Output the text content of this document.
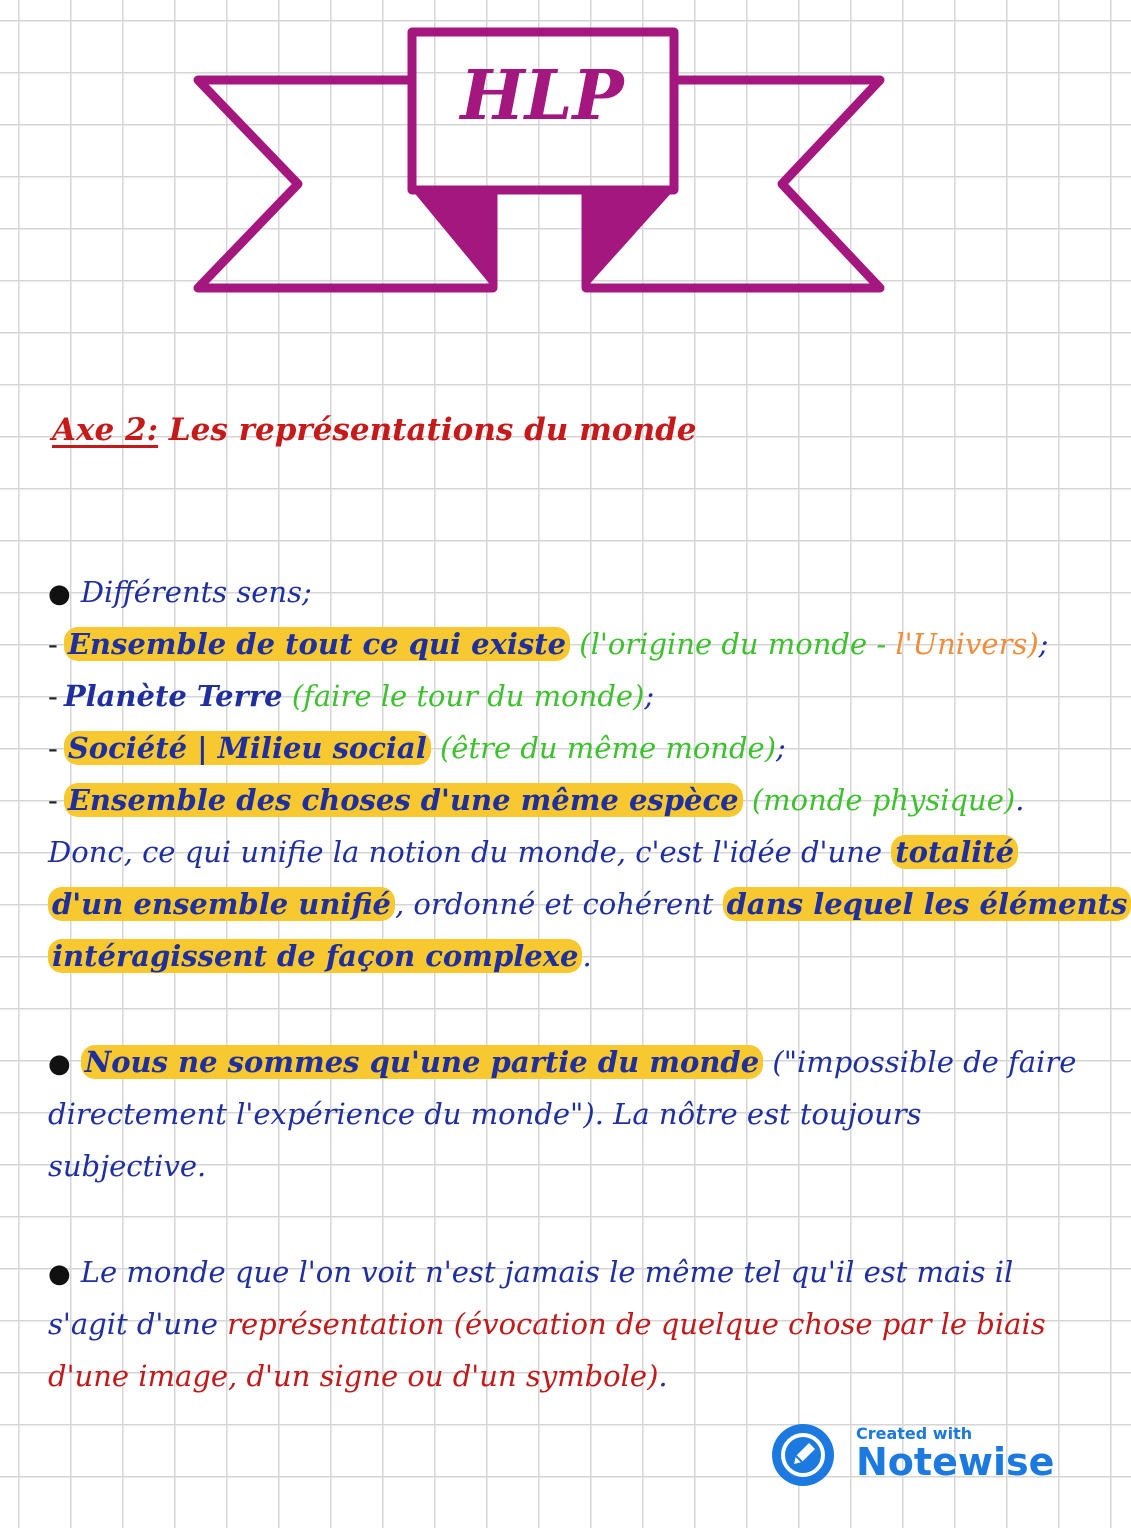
HLP
Axe 2: Les représentations du monde
● Différents sens;
- Ensemble de tout ce qui existe (l'origine du monde - l'Univers);
- Planète Terre (faire le tour du monde);
- Société | Milieu social (être du même monde);
- Ensemble des choses d'une même espèce (monde physique).
Donc, ce qui unifie la notion du monde, c'est l'idée d'une totalité
d'un ensemble unifié , ordonné et cohérent dans lequel les éléments
intéragissent de façon complexe .
● Nous ne sommes qu'une partie du monde ("impossible de faire
directement l'expérience du monde"). La nôtre est toujours
subjective.
● Le monde que l'on voit n'est jamais le même tel qu'il est mais il
s'agit d'une représentation (évocation de quelque chose par le biais
d'une image, d'un signe ou d'un symbole).
Created with
Notewise
